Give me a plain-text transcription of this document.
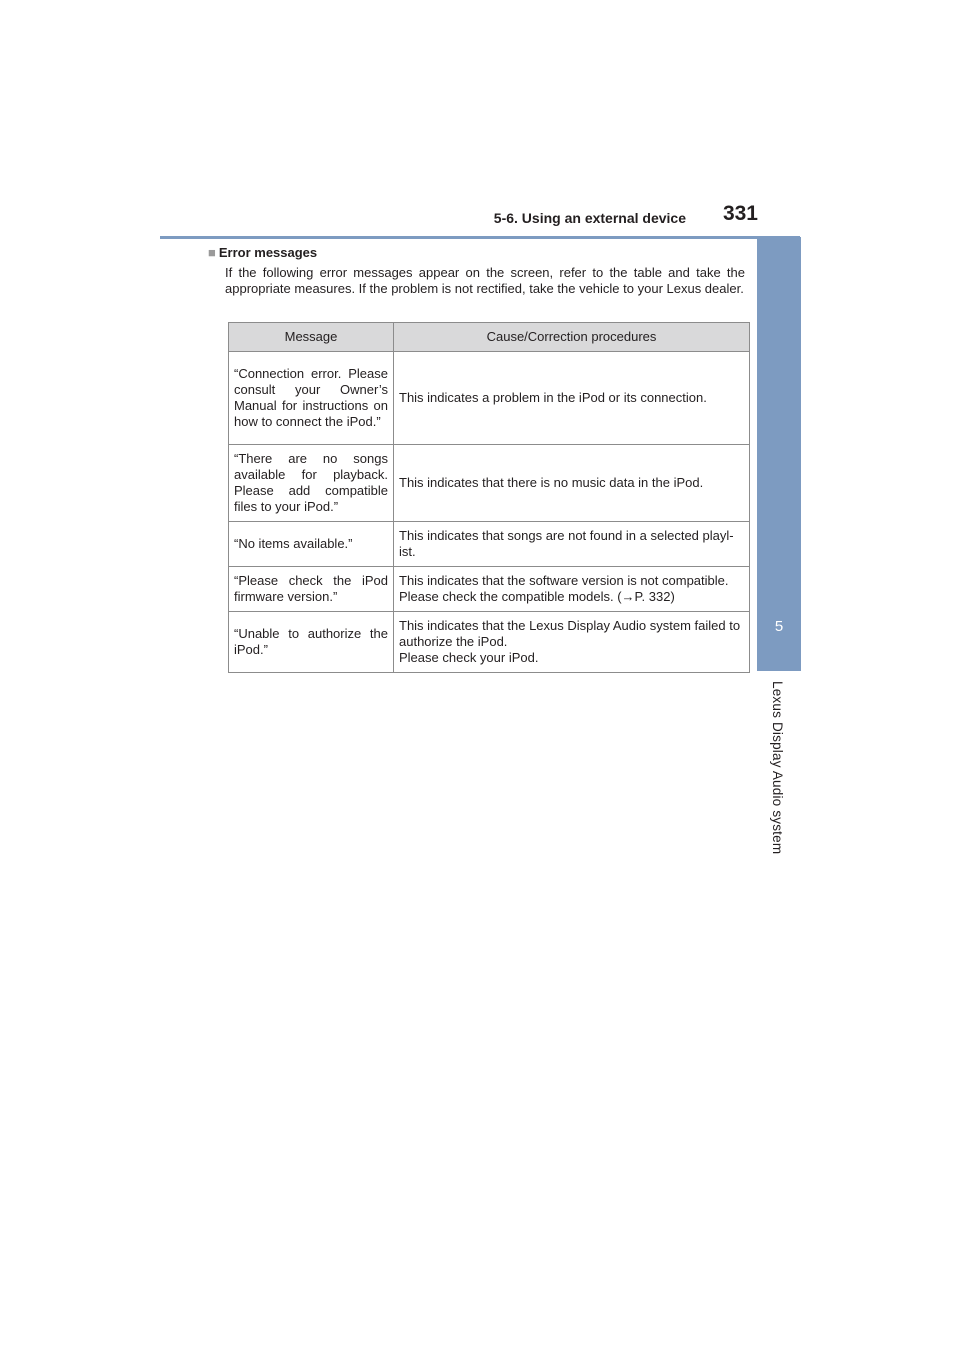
5-6. Using an external device 331
5
Lexus Display Audio system
■ Error messages

If the following error messages appear on the screen, refer to the table and take the appropriate measures. If the problem is not rectified, take the vehicle to your Lexus dealer.

Message	Cause/Correction procedures
“Connection error. Please consult your Owner’s Manual for instructions on how to connect the iPod.”	This indicates a problem in the iPod or its connection.

“There are no songs available for playback. Please add compatible files to your iPod.”	This indicates that there is no music data in the iPod.

“No items available.”	This indicates that songs are not found in a selected playl-ist.

“Please check the iPod firmware version.”	This indicates that the software version is not compatible.
Please check the compatible models. (→P. 332)

“Unable to authorize the iPod.”	This indicates that the Lexus Display Audio system failed to authorize the iPod.
Please check your iPod.
